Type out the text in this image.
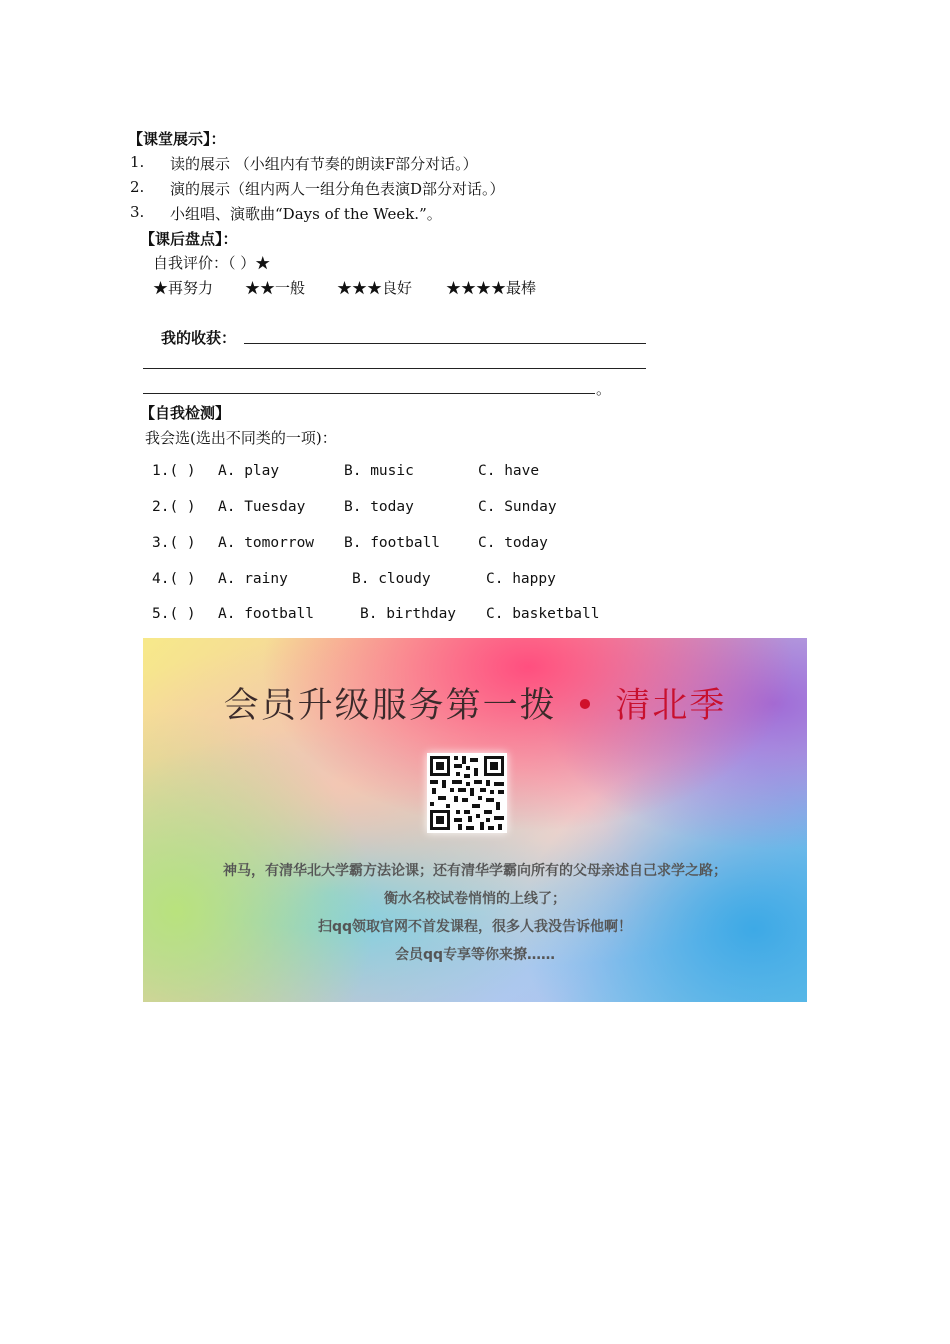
【课堂展示】：
1. 读的展示 （小组内有节奏的朗读F部分对话。）
2. 演的展示（组内两人一组分角色表演D部分对话。）
3. 小组唱、演歌曲“Days of the Week.”。
【课后盘点】：
自我评价：（ ）★
★再努力 ★★一般 ★★★良好 ★★★★最棒
我的收获：
。
【自我检测】
我会选(选出不同类的一项)：
1.( ) A. play	B. music	C. have
2.( ) A. Tuesday	B. today	C. Sunday
3.( ) A. tomorrow B. football	C. today
4.( ) A. rainy	B. cloudy	C. happy
5.( ) A. football	B. birthday C. basketball
会员升级服务第一拨 • 清北季
神马，有清华北大学霸方法论课；还有清华学霸向所有的父母亲述自己求学之路；
衡水名校试卷悄悄的上线了；
扫qq领取官网不首发课程，很多人我没告诉他啊！
会员qq专享等你来撩……
